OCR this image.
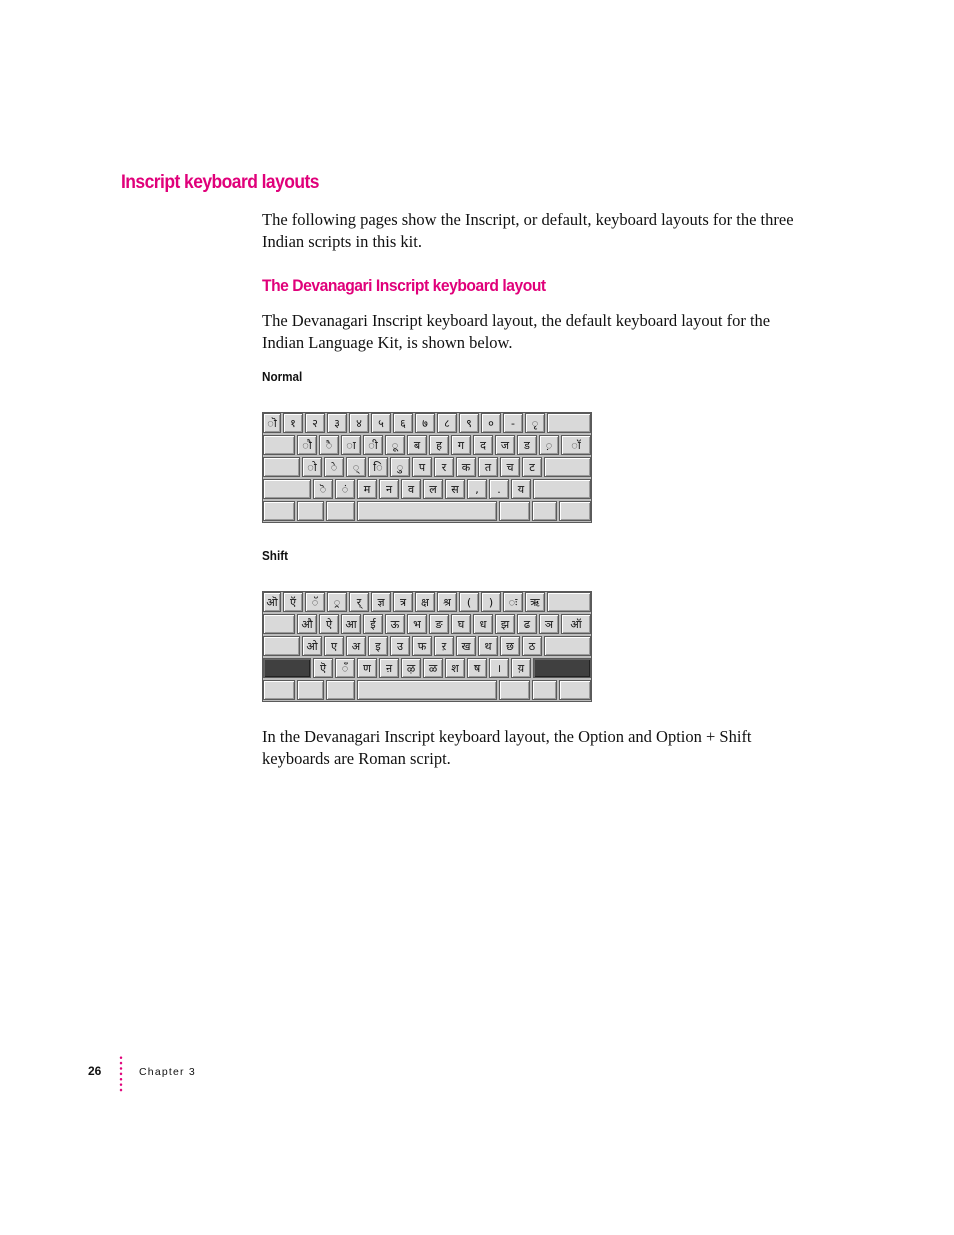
Inscript keyboard layouts

The following pages show the Inscript, or default, keyboard layouts for the three Indian scripts in this kit.

The Devanagari Inscript keyboard layout

The Devanagari Inscript keyboard layout, the default keyboard layout for the Indian Language Kit, is shown below.

Normal

ॊ	१	२	३	४	५	६	७	८	९	०	-	ृ
ौ	ै	ा	ी	ू	ब	ह	ग	द	ज	ड	़	ॉ
ो	े	्	ि	ु	प	र	क	त	च	ट
ॆ	ं	म	न	व	ल	स	,	.	य

Shift

ऒ	ऍ	ॅ	्र	र्	ज्ञ	त्र	क्ष	श्र	(	)	ः	ऋ
औ	ऐ	आ	ई	ऊ	भ	ङ	घ	ध	झ	ढ	ञ	ऑ
ओ	ए	अ	इ	उ	फ	ऱ	ख	थ	छ	ठ
ऎ	ँ	ण	ऩ	ऴ	ळ	श	ष	।	य़

In the Devanagari Inscript keyboard layout, the Option and Option + Shift keyboards are Roman script.

26	Chapter 3
